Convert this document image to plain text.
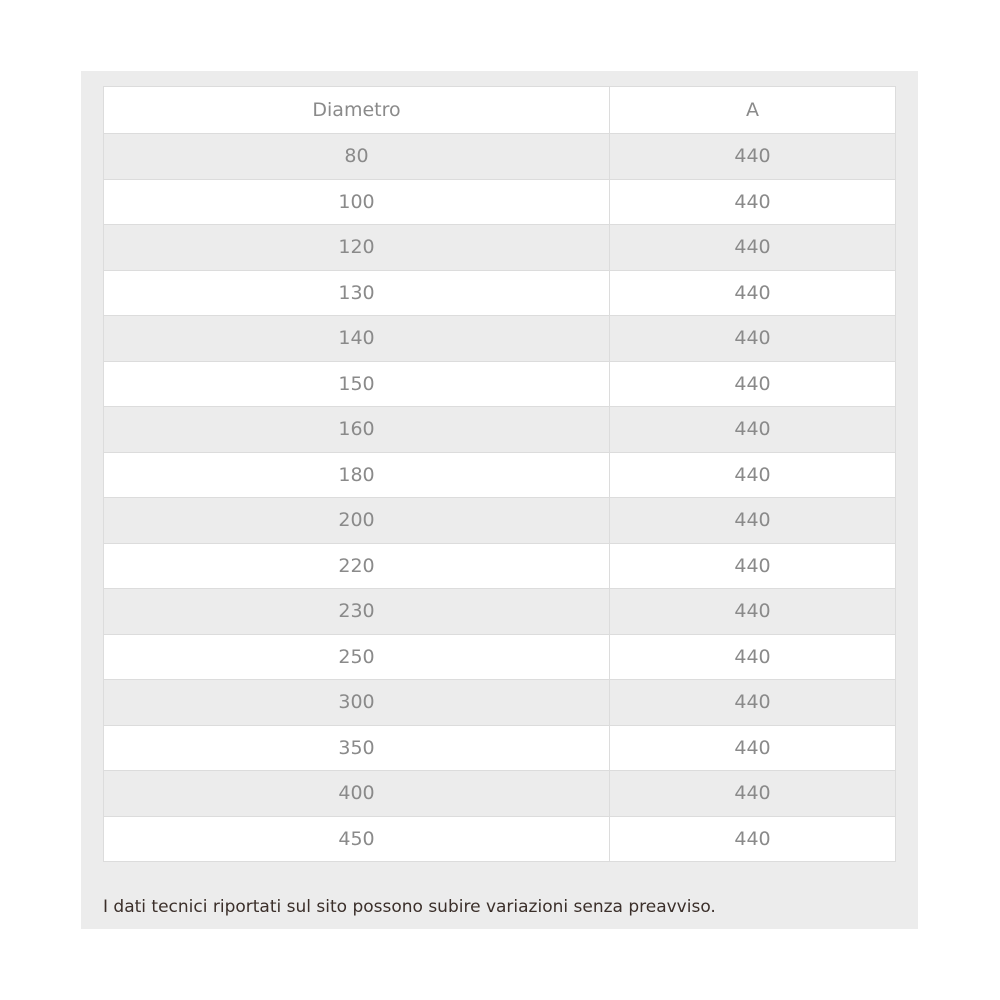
Diametro	A
80	440
100	440
120	440
130	440
140	440
150	440
160	440
180	440
200	440
220	440
230	440
250	440
300	440
350	440
400	440
450	440
I dati tecnici riportati sul sito possono subire variazioni senza preavviso.
